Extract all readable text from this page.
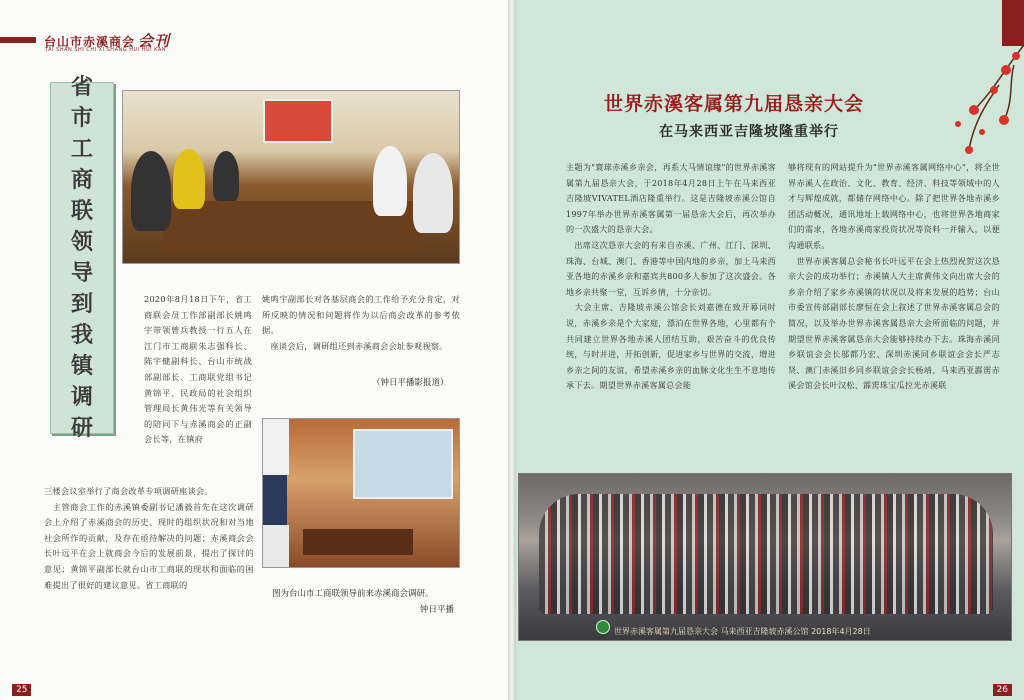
台山市赤溪商会 会刊
TAI SHAN SHI CHI XI SHANG HUI HUI KAN
省
市
工
商
联
领
导
到
我
镇
调
研
2020年8月18日下午，省工商联会员工作部副部长姚鸣宇带领曾兵教授一行五人在江门市工商联朱志强科长、陈宇健副科长、台山市统战部副部长、工商联党组书记黄锦平、民政局的社会组织管理局长黄伟光等有关领导的陪同下与赤溪商会的正副会长等，在镇府
姚鸣宇副部长对各基层商会的工作给予充分肯定，对所反映的情况和问题将作为以后商会改革的参考依据。
　座谈会后，调研组还到赤溪商会会址参观视察。
（钟日平播影报道）
三楼会议室举行了商会改革专项调研座谈会。
　主管商会工作的赤溪镇委副书记潘毅首先在这次调研会上介绍了赤溪商会的历史、现时的组织状况和对当地社会所作的贡献，及存在亟待解决的问题；赤溪商会会长叶远平在会上就商会今后的发展前景，提出了探讨的意见；黄锦平副部长就台山市工商联的现状和面临的困难提出了很好的建议意见。省工商联的
图为台山市工商联领导前来赤溪商会调研。
钟日平播
25
世界赤溪客属第九届恳亲大会
在马来西亚吉隆坡隆重举行
主题为"寰球赤溪乡亲会，再系大马情谊缘"的世界赤溪客属第九届恳亲大会，于2018年4月28日上午在马来西亚吉隆坡VIVATEL酒店隆重举行。这是吉隆坡赤溪公馆自1997年举办世界赤溪客属第一届恳亲大会后，再次举办的一次盛大的恳亲大会。
　出席这次恳亲大会的有来自赤溪、广州、江门、深圳、珠海、台城、澳门、香港等中国内地的乡亲，加上马来西亚各地的赤溪乡亲和嘉宾共800多人参加了这次盛会。各地乡亲共聚一堂，互诉乡情，十分亲切。
　大会主席、吉隆坡赤溪公馆会长刘嘉德在致开幕词时说，赤溪乡亲是个大家庭，漂泊在世界各地，心里都有个共同建立世界各地赤溪人团结互助，艰苦奋斗的优良传统，与时并进，开拓创新，促进家乡与世界的交流，增进乡亲之间的友谊，希望赤溪乡亲的血脉文化生生不息地传承下去。期望世界赤溪客属总会能
够将现有的网站提升为"世界赤溪客属网络中心"，将全世界赤溪人在政治、文化、教育、经济、科技等领域中的人才与辉煌成就，都储存网络中心。除了把世界各地赤溪乡团活动概况，通讯地址上载网络中心，也将世界各地商家们的需求，各地赤溪商家投资状况等资料一并输入，以便沟通联系。
　世界赤溪客属总会秘书长叶远平在会上热烈祝贺这次恳亲大会的成功举行；赤溪镇人大主席黄伟文向出席大会的乡亲介绍了家乡赤溪镇的状况以及将来发展的趋势；台山市委宣传部副部长廖恒在会上叙述了世界赤溪客属总会的简况，以及举办世界赤溪客属恳亲大会所面临的问题，并期望世界赤溪客属恳亲大会能够持续办下去。珠海赤溪同乡联谊会会长邬都乃宏、深圳赤溪同乡联谊会会长严志贤、澳门赤溪旧乡同乡联谊会会长杨靖、马来西亚霹雳赤溪会馆会长叶汉松、霹雳珠宝瓜拉光赤溪联
世界赤溪客属第九届恳亲大会 马来西亚吉隆坡赤溪公馆 2018年4月28日
26
